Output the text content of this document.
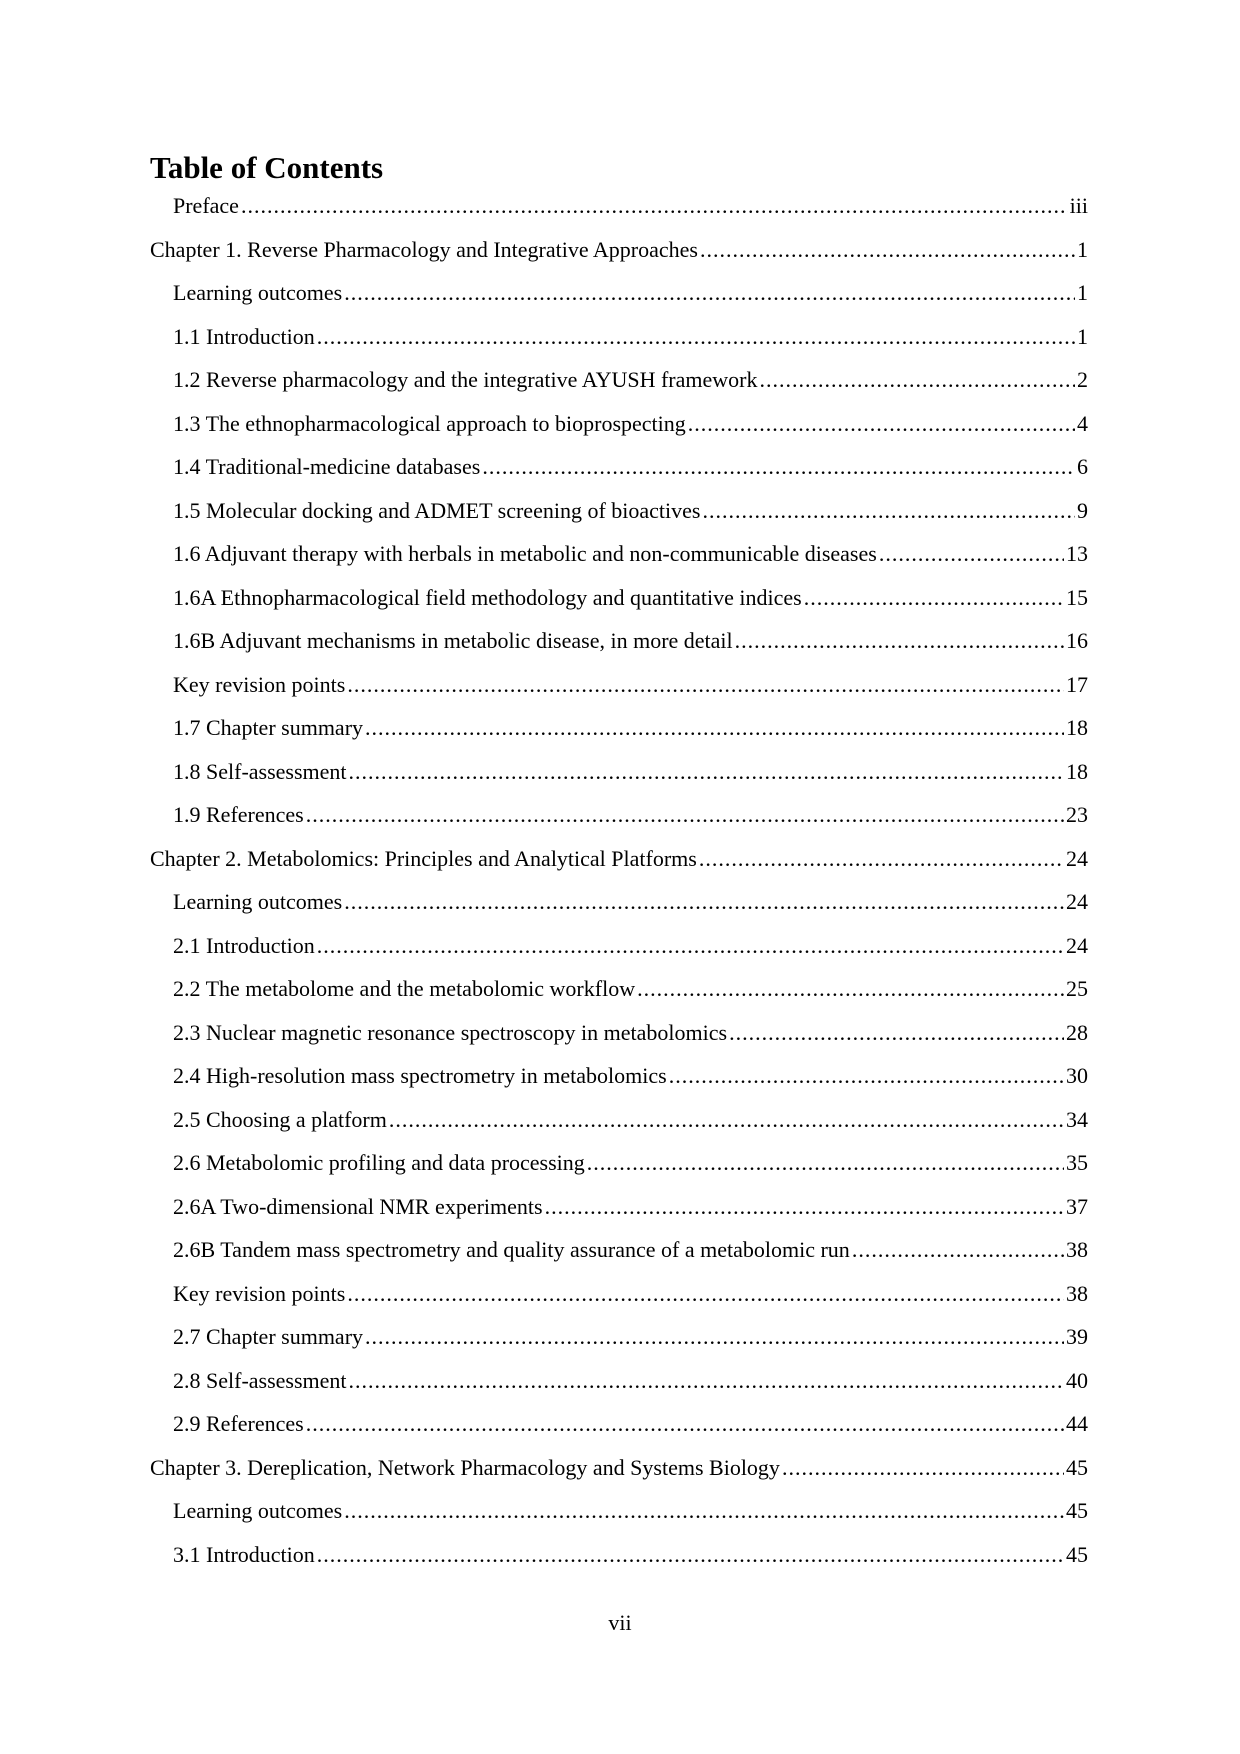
Table of Contents
Preface .....	iii
Chapter 1. Reverse Pharmacology and Integrative Approaches .....	1
Learning outcomes .....	1
1.1 Introduction .....	1
1.2 Reverse pharmacology and the integrative AYUSH framework .....	2
1.3 The ethnopharmacological approach to bioprospecting .....	4
1.4 Traditional-medicine databases .....	6
1.5 Molecular docking and ADMET screening of bioactives .....	9
1.6 Adjuvant therapy with herbals in metabolic and non-communicable diseases .....	13
1.6A Ethnopharmacological field methodology and quantitative indices .....	15
1.6B Adjuvant mechanisms in metabolic disease, in more detail .....	16
Key revision points .....	17
1.7 Chapter summary .....	18
1.8 Self-assessment .....	18
1.9 References .....	23
Chapter 2. Metabolomics: Principles and Analytical Platforms .....	24
Learning outcomes .....	24
2.1 Introduction .....	24
2.2 The metabolome and the metabolomic workflow .....	25
2.3 Nuclear magnetic resonance spectroscopy in metabolomics .....	28
2.4 High-resolution mass spectrometry in metabolomics .....	30
2.5 Choosing a platform .....	34
2.6 Metabolomic profiling and data processing .....	35
2.6A Two-dimensional NMR experiments .....	37
2.6B Tandem mass spectrometry and quality assurance of a metabolomic run .....	38
Key revision points .....	38
2.7 Chapter summary .....	39
2.8 Self-assessment .....	40
2.9 References .....	44
Chapter 3. Dereplication, Network Pharmacology and Systems Biology .....	45
Learning outcomes .....	45
3.1 Introduction .....	45
vii
